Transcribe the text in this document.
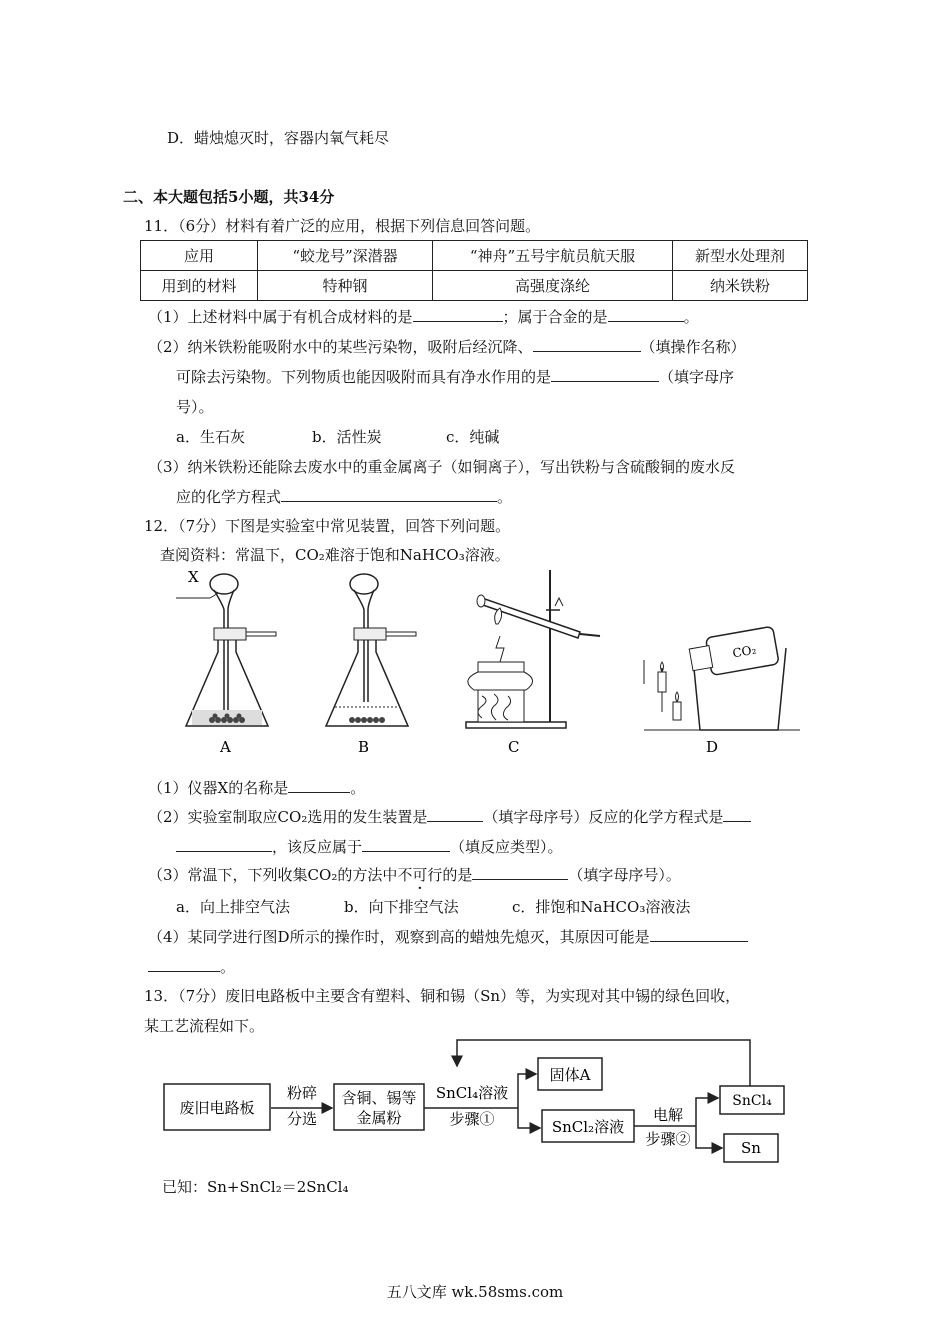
D．蜡烛熄灭时，容器内氧气耗尽
二、本大题包括5小题，共34分
11．（6分）材料有着广泛的应用，根据下列信息回答问题。
应用	“蛟龙号”深潜器	“神舟”五号宇航员航天服	新型水处理剂
用到的材料	特种钢	高强度涤纶	纳米铁粉
（1）上述材料中属于有机合成材料的是	；属于合金的是	。
（2）纳米铁粉能吸附水中的某些污染物，吸附后经沉降、	（填操作名称）
可除去污染物。下列物质也能因吸附而具有净水作用的是	（填字母序
号）。
a．生石灰	b．活性炭	c．纯碱
（3）纳米铁粉还能除去废水中的重金属离子（如铜离子），写出铁粉与含硫酸铜的废水反
应的化学方程式	。
12．（7分）下图是实验室中常见装置，回答下列问题。
查阅资料：常温下，CO₂难溶于饱和NaHCO₃溶液。
X
A	B	C
CO₂
D
（1）仪器X的名称是	。
（2）实验室制取应CO₂选用的发生装置是	（填字母序号）反应的化学方程式是
，该反应属于	（填反应类型）。
（3）常温下，下列收集CO₂的方法中不可行的是	（填字母序号）。
a．向上排空气法	b．向下排空气法	c．排饱和NaHCO₃溶液法
（4）某同学进行图D所示的操作时，观察到高的蜡烛先熄灭，其原因可能是
。
13．（7分）废旧电路板中主要含有塑料、铜和锡（Sn）等，为实现对其中锡的绿色回收，
某工艺流程如下。
废旧电路板
粉碎
分选
含铜、锡等
金属粉
SnCl₄溶液
步骤①
固体A
SnCl₂溶液
电解
步骤②
SnCl₄
Sn
已知：Sn+SnCl₂＝2SnCl₄
五八文库 wk.58sms.com
